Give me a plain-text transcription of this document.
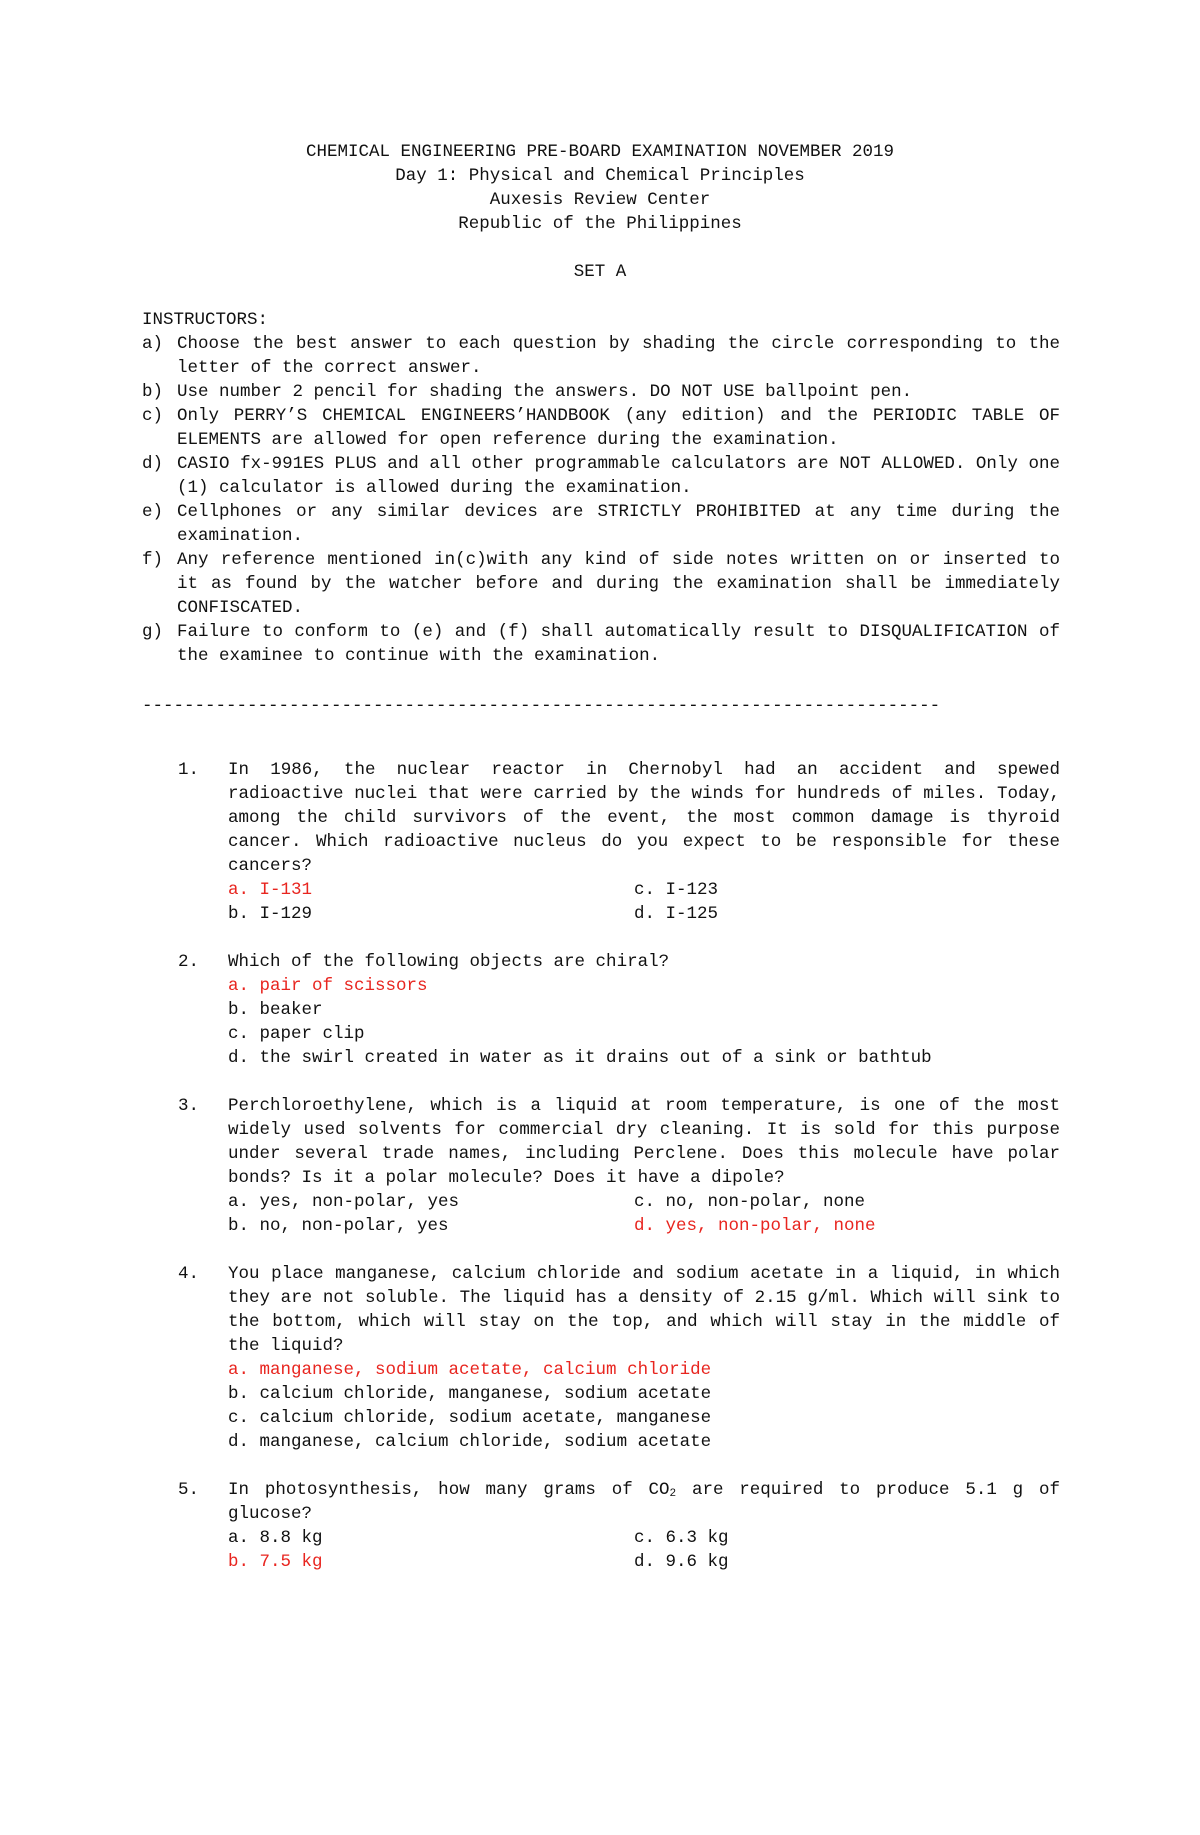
CHEMICAL ENGINEERING PRE-BOARD EXAMINATION NOVEMBER 2019
Day 1: Physical and Chemical Principles
Auxesis Review Center
Republic of the Philippines
SET A
INSTRUCTORS:
a) Choose the best answer to each question by shading the circle corresponding to the letter of the correct answer.
b) Use number 2 pencil for shading the answers. DO NOT USE ballpoint pen.
c) Only PERRY’S CHEMICAL ENGINEERS’HANDBOOK (any edition) and the PERIODIC TABLE OF ELEMENTS are allowed for open reference during the examination.
d) CASIO fx-991ES PLUS and all other programmable calculators are NOT ALLOWED. Only one (1) calculator is allowed during the examination.
e) Cellphones or any similar devices are STRICTLY PROHIBITED at any time during the examination.
f) Any reference mentioned in(c)with any kind of side notes written on or inserted to it as found by the watcher before and during the examination shall be immediately CONFISCATED.
g) Failure to conform to (e) and (f) shall automatically result to DISQUALIFICATION of the examinee to continue with the examination.
----------------------------------------------------------------------------
1. In 1986, the nuclear reactor in Chernobyl had an accident and spewed radioactive nuclei that were carried by the winds for hundreds of miles. Today, among the child survivors of the event, the most common damage is thyroid cancer. Which radioactive nucleus do you expect to be responsible for these cancers?
a. I-131	c. I-123
b. I-129	d. I-125
2. Which of the following objects are chiral?
a. pair of scissors
b. beaker
c. paper clip
d. the swirl created in water as it drains out of a sink or bathtub
3. Perchloroethylene, which is a liquid at room temperature, is one of the most widely used solvents for commercial dry cleaning. It is sold for this purpose under several trade names, including Perclene. Does this molecule have polar bonds? Is it a polar molecule? Does it have a dipole?
a. yes, non-polar, yes	c. no, non-polar, none
b. no, non-polar, yes	d. yes, non-polar, none
4. You place manganese, calcium chloride and sodium acetate in a liquid, in which they are not soluble. The liquid has a density of 2.15 g/ml. Which will sink to the bottom, which will stay on the top, and which will stay in the middle of the liquid?
a. manganese, sodium acetate, calcium chloride
b. calcium chloride, manganese, sodium acetate
c. calcium chloride, sodium acetate, manganese
d. manganese, calcium chloride, sodium acetate
5. In photosynthesis, how many grams of $CO_2$ are required to produce 5.1 g of glucose?
a. 8.8 kg	c. 6.3 kg
b. 7.5 kg	d. 9.6 kg
